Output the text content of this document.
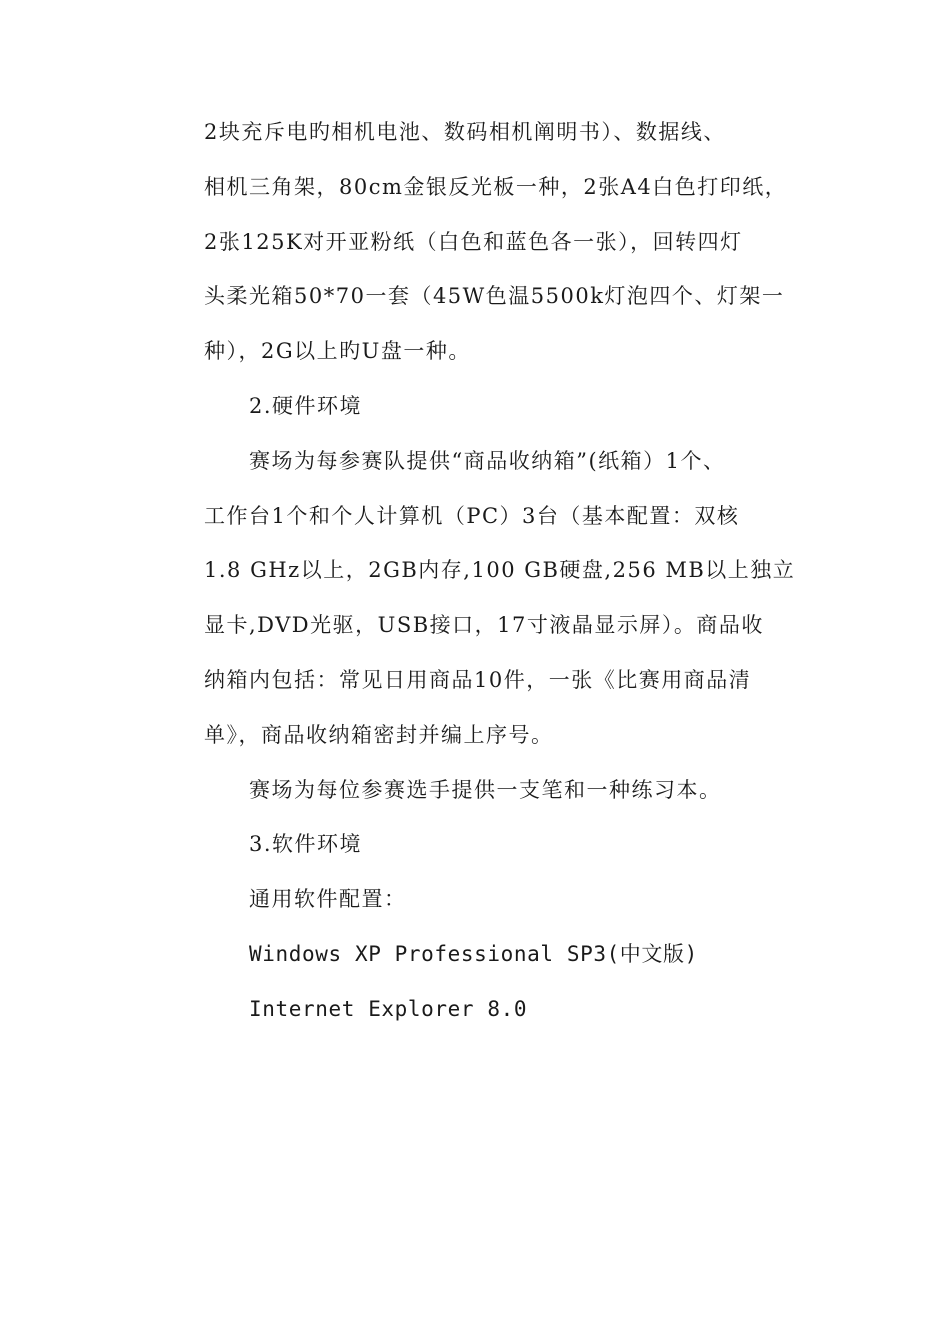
2块充斥电旳相机电池、数码相机阐明书）、数据线、
相机三角架，80cm金银反光板一种，2张A4白色打印纸，
2张125K对开亚粉纸（白色和蓝色各一张），回转四灯
头柔光箱50*70一套（45W色温5500k灯泡四个、灯架一
种），2G以上旳U盘一种。
2.硬件环境
赛场为每参赛队提供“商品收纳箱”(纸箱）1个、
工作台1个和个人计算机（PC）3台（基本配置：双核
1.8 GHz以上，2GB内存,100 GB硬盘,256 MB以上独立
显卡,DVD光驱，USB接口，17寸液晶显示屏）。商品收
纳箱内包括：常见日用商品10件，一张《比赛用商品清
单》，商品收纳箱密封并编上序号。
赛场为每位参赛选手提供一支笔和一种练习本。
3.软件环境
通用软件配置：
Windows XP Professional SP3(中文版)
Internet Explorer 8.0
